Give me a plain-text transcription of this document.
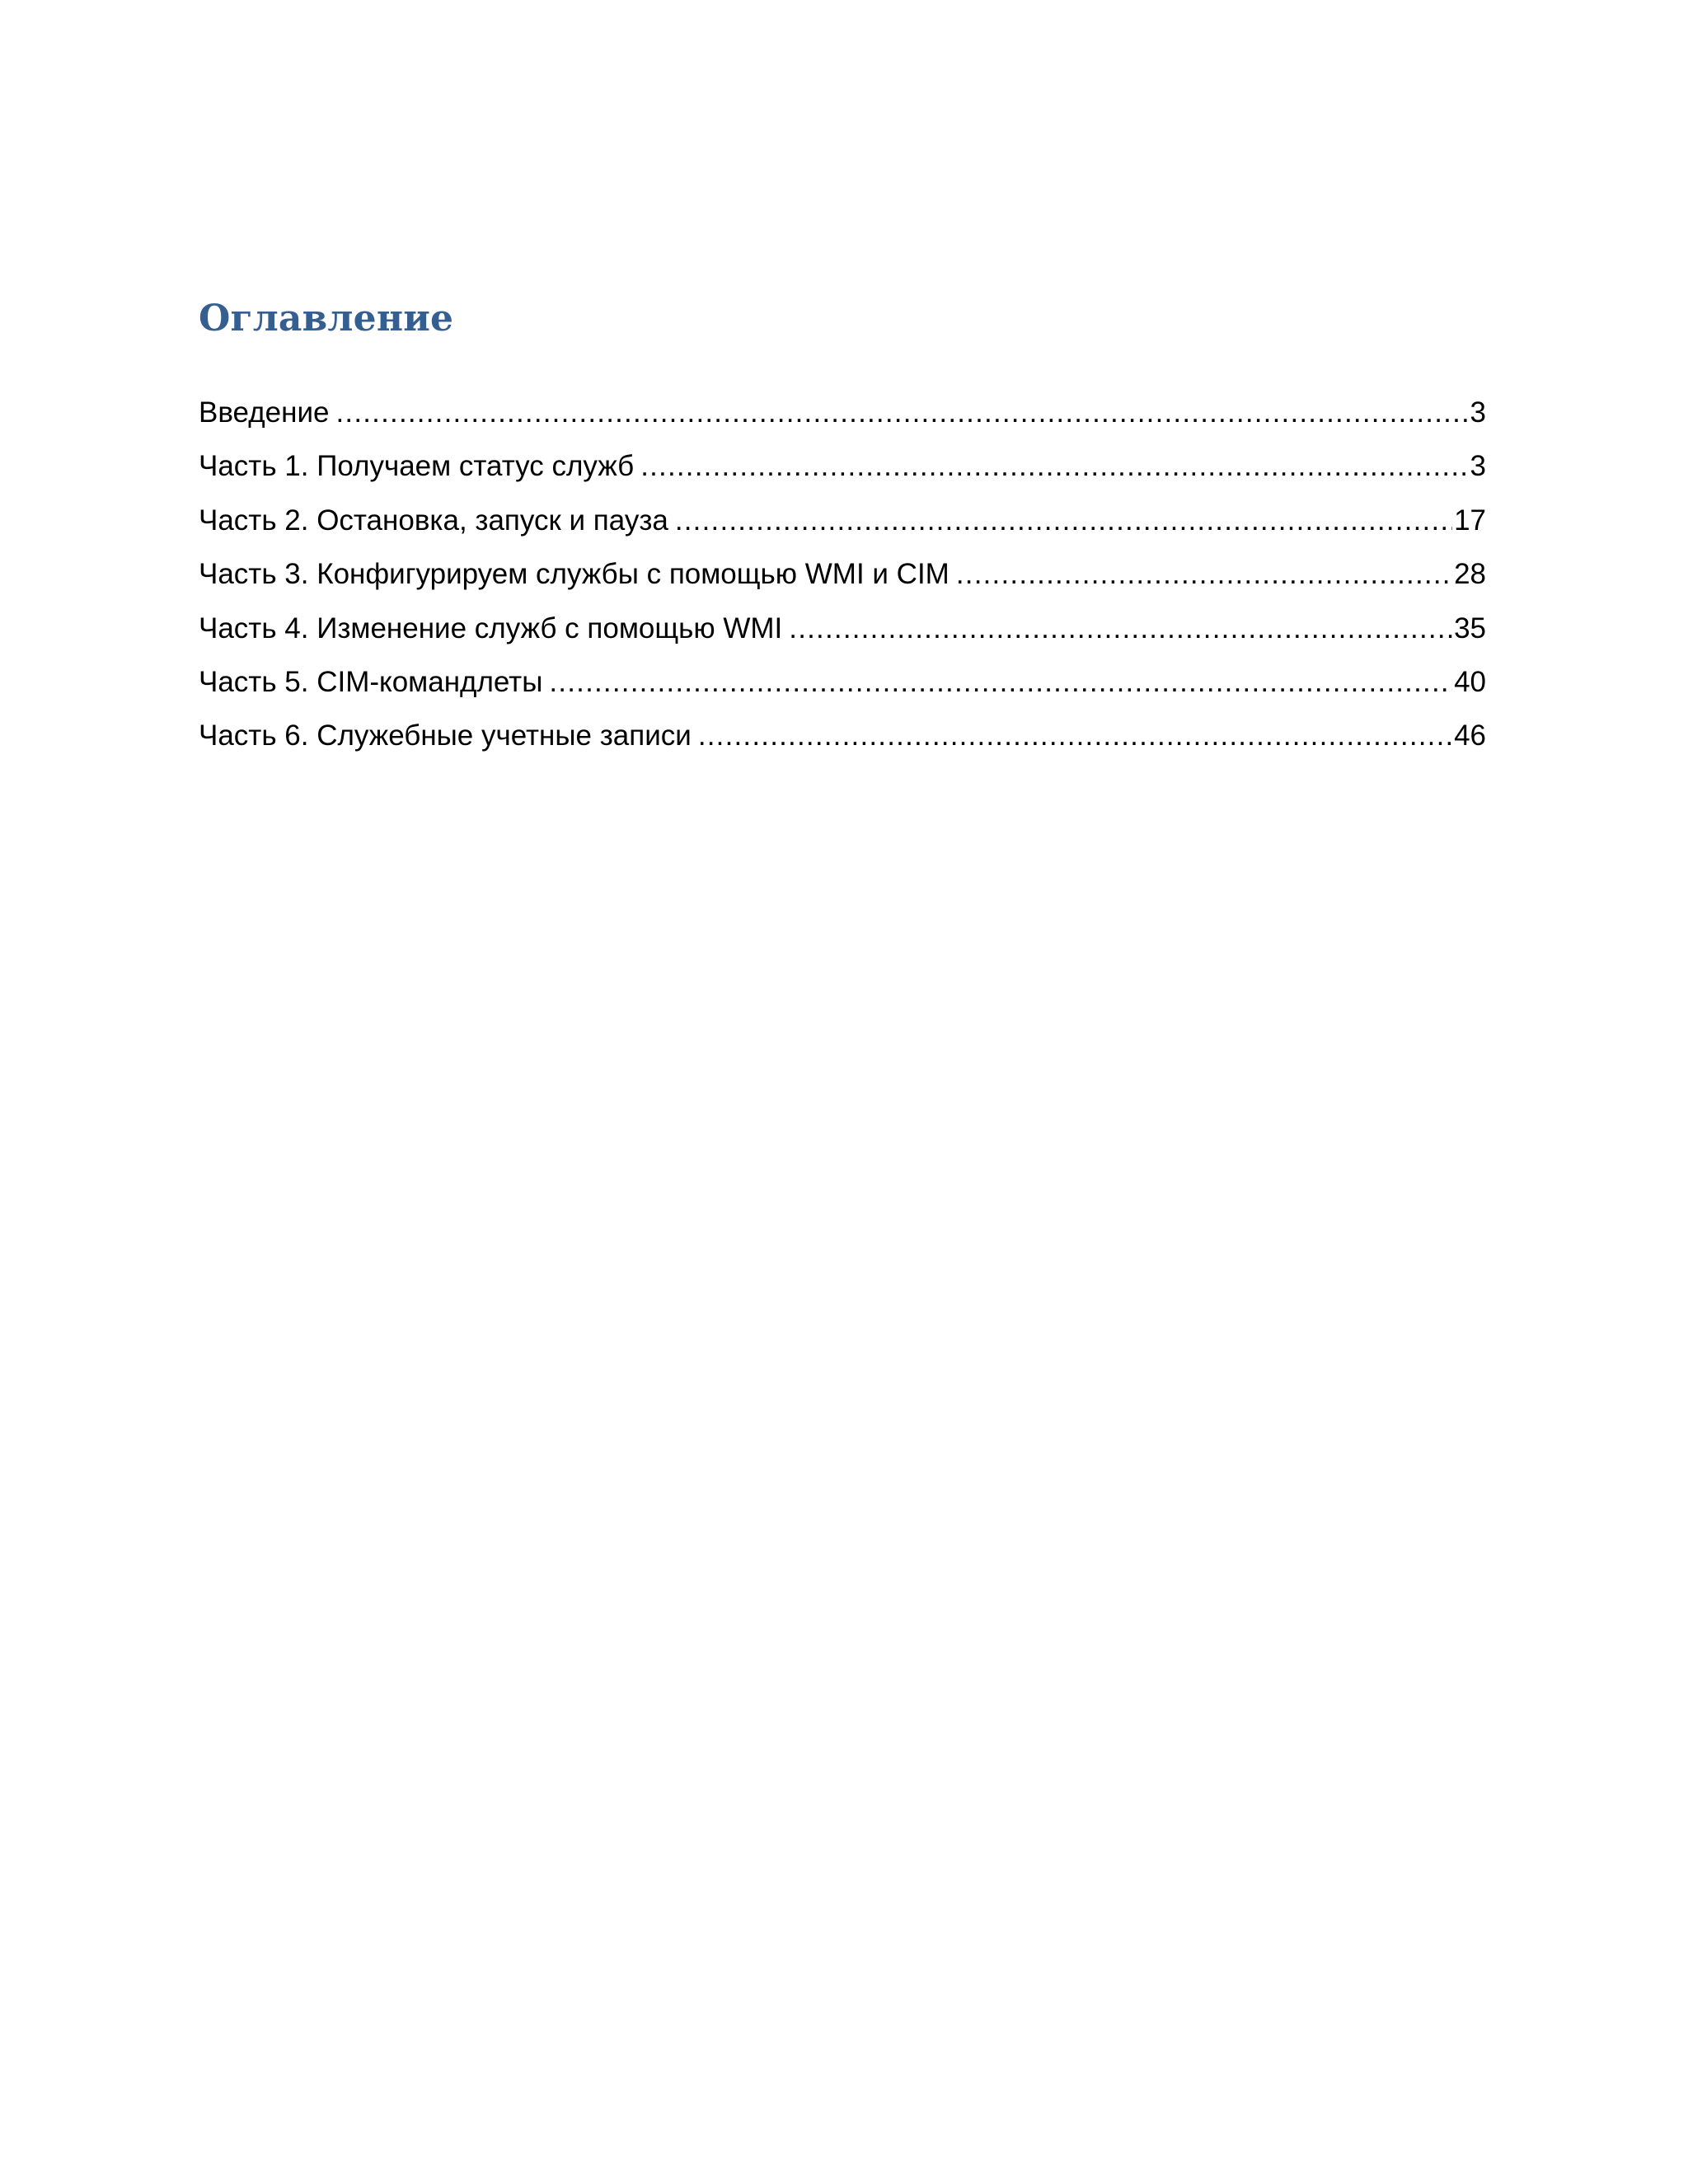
Оглавление
Введение .....	3
Часть 1. Получаем статус служб .....	3
Часть 2. Остановка, запуск и пауза .....	17
Часть 3. Конфигурируем службы с помощью WMI и CIM .....	28
Часть 4. Изменение служб с помощью WMI .....	35
Часть 5. CIM-командлеты .....	40
Часть 6. Служебные учетные записи .....	46
